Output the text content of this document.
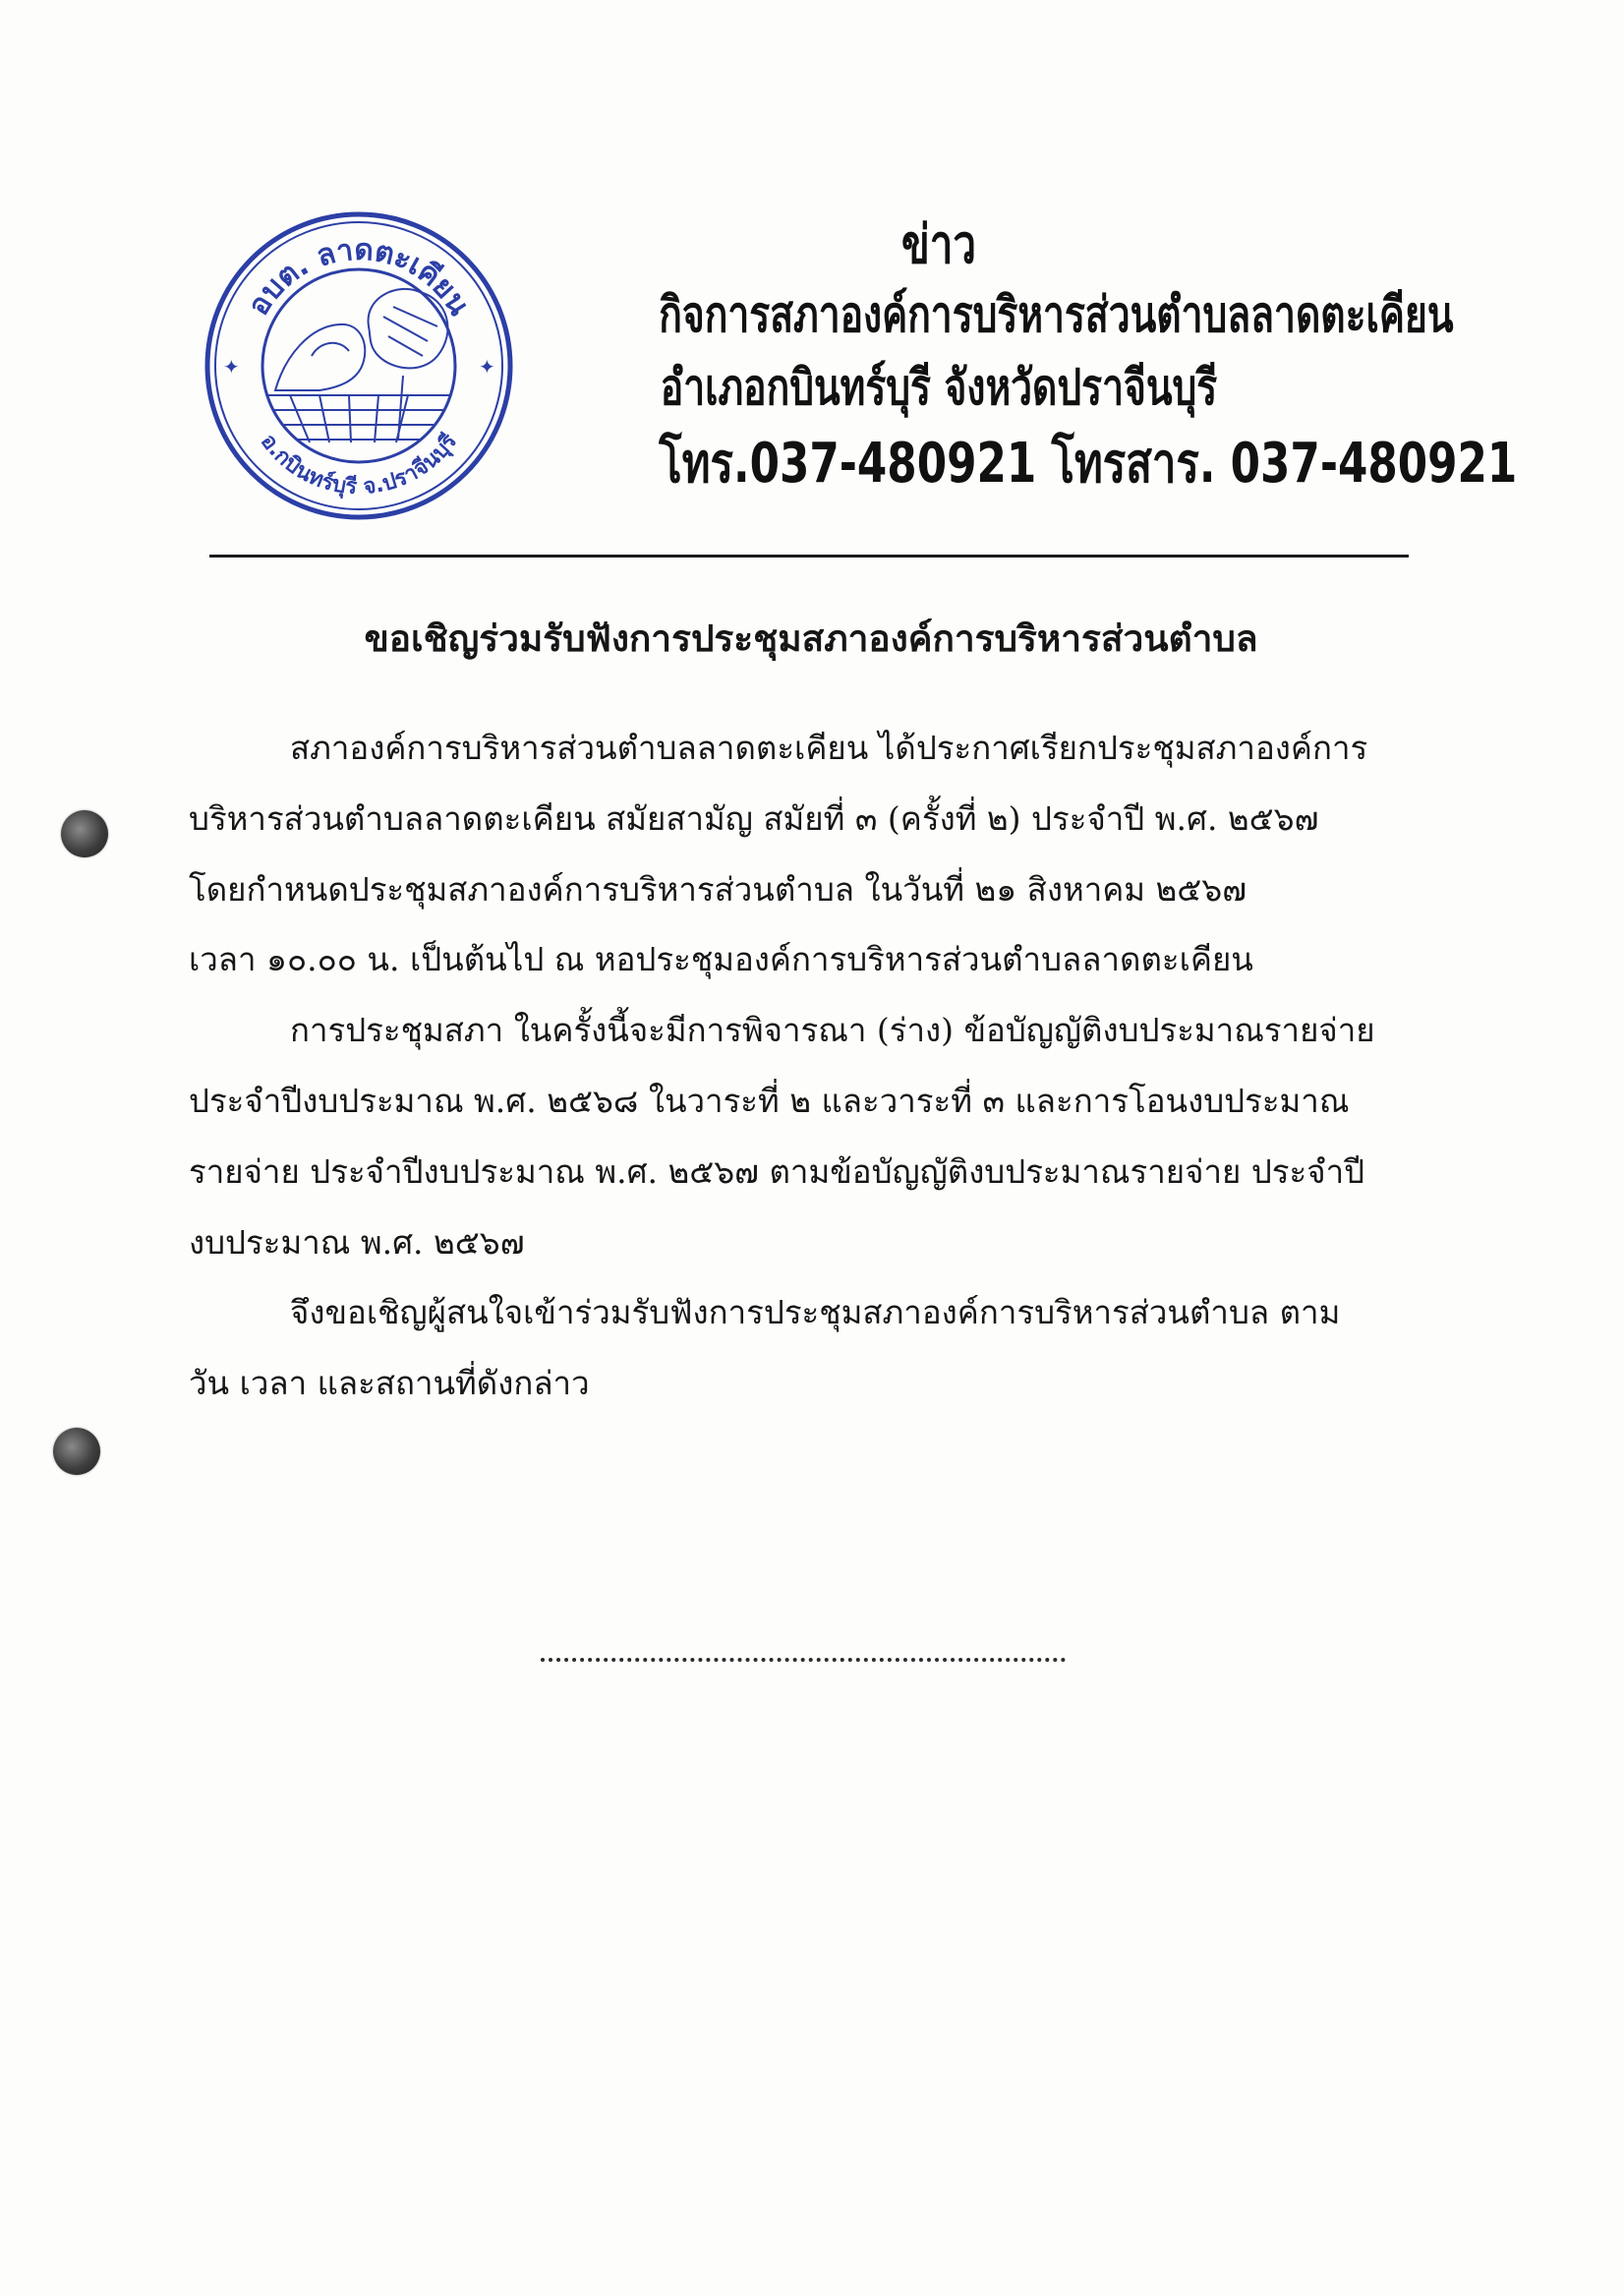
อบต. ลาดตะเคียน
อ.กบินทร์บุรี จ.ปราจีนบุรี
✦	✦
ข่าว
กิจการสภาองค์การบริหารส่วนตำบลลาดตะเคียน
อำเภอกบินทร์บุรี จังหวัดปราจีนบุรี
โทร.037-480921 โทรสาร. 037-480921
ขอเชิญร่วมรับฟังการประชุมสภาองค์การบริหารส่วนตำบล

สภาองค์การบริหารส่วนตำบลลาดตะเคียน ได้ประกาศเรียกประชุมสภาองค์การ

บริหารส่วนตำบลลาดตะเคียน สมัยสามัญ สมัยที่ ๓ (ครั้งที่ ๒) ประจำปี พ.ศ. ๒๕๖๗

โดยกำหนดประชุมสภาองค์การบริหารส่วนตำบล ในวันที่ ๒๑ สิงหาคม ๒๕๖๗

เวลา ๑๐.๐๐ น. เป็นต้นไป ณ หอประชุมองค์การบริหารส่วนตำบลลาดตะเคียน

การประชุมสภา ในครั้งนี้จะมีการพิจารณา (ร่าง) ข้อบัญญัติงบประมาณรายจ่าย

ประจำปีงบประมาณ พ.ศ. ๒๕๖๘ ในวาระที่ ๒ และวาระที่ ๓ และการโอนงบประมาณ

รายจ่าย ประจำปีงบประมาณ พ.ศ. ๒๕๖๗ ตามข้อบัญญัติงบประมาณรายจ่าย ประจำปี

งบประมาณ พ.ศ. ๒๕๖๗

จึงขอเชิญผู้สนใจเข้าร่วมรับฟังการประชุมสภาองค์การบริหารส่วนตำบล ตาม

วัน เวลา และสถานที่ดังกล่าว
